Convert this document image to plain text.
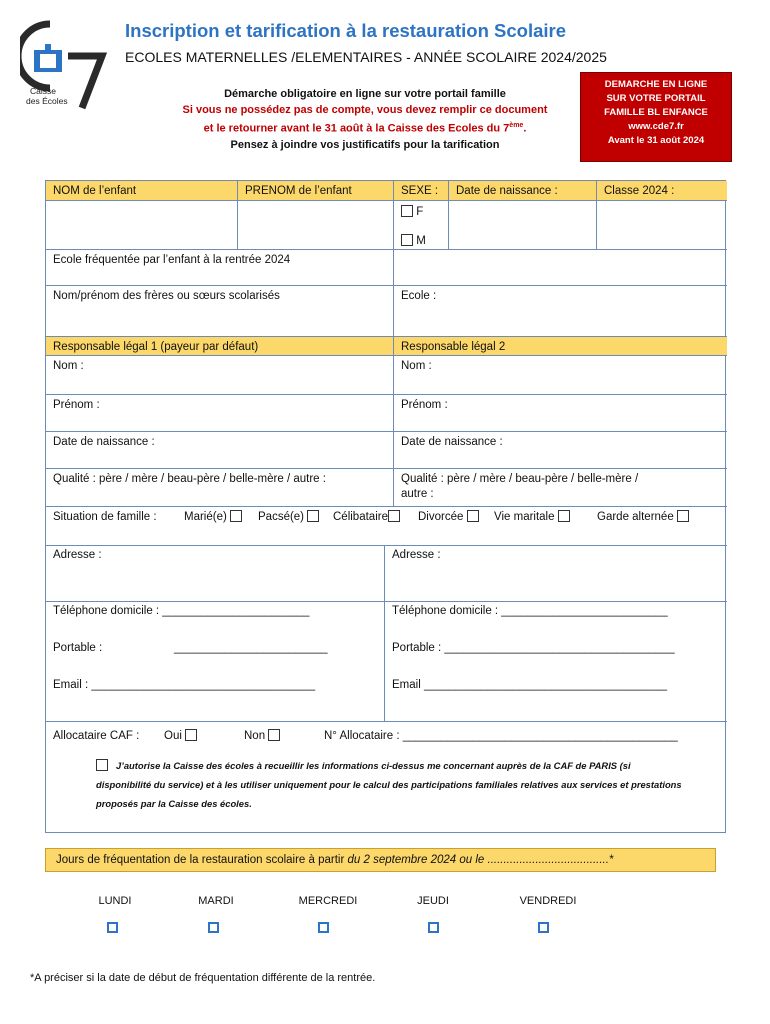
Caisse
des Écoles
Inscription et tarification à la restauration Scolaire
ECOLES MATERNELLES /ELEMENTAIRES - ANNÉE SCOLAIRE 2024/2025
Démarche obligatoire en ligne sur votre portail famille
Si vous ne possédez pas de compte, vous devez remplir ce document
et le retourner avant le 31 août à la Caisse des Ecoles du 7ème.
Pensez à joindre vos justificatifs pour la tarification
DEMARCHE EN LIGNE
SUR VOTRE PORTAIL
FAMILLE BL ENFANCE
www.cde7.fr
Avant le 31 août 2024
NOM de l’enfant	PRENOM de l’enfant	SEXE :	Date de naissance :	Classe 2024 :
F
M
Ecole fréquentée par l’enfant à la rentrée 2024
Nom/prénom des frères ou sœurs scolarisés	Ecole :
Responsable légal 1 (payeur par défaut)	Responsable légal 2
Nom :	Nom :
Prénom :	Prénom :
Date de naissance :	Date de naissance :
Qualité : père / mère / beau-père / belle-mère / autre :	Qualité : père / mère / beau-père / belle-mère /
autre :
Situation de famille : Marié(e)	Pacsé(e)	Célibataire	Divorcée	Vie maritale	Garde alternée
Adresse :	Adresse :
Téléphone domicile : _______________________	Téléphone domicile : __________________________
Portable :	________________________	Portable : ____________________________________
Email : ___________________________________	Email ______________________________________
Allocataire CAF : Oui	Non	N° Allocataire : ___________________________________________
J’autorise la Caisse des écoles à recueillir les informations ci-dessus me concernant auprès de la CAF de PARIS (si disponibilité du service) et à les utiliser uniquement pour le calcul des participations familiales relatives aux services et prestations proposés par la Caisse des écoles.
Jours de fréquentation de la restauration scolaire à partir du 2 septembre 2024 ou le ......................................*
LUNDI	MARDI	MERCREDI	JEUDI	VENDREDI
*A préciser si la date de début de fréquentation différente de la rentrée.
